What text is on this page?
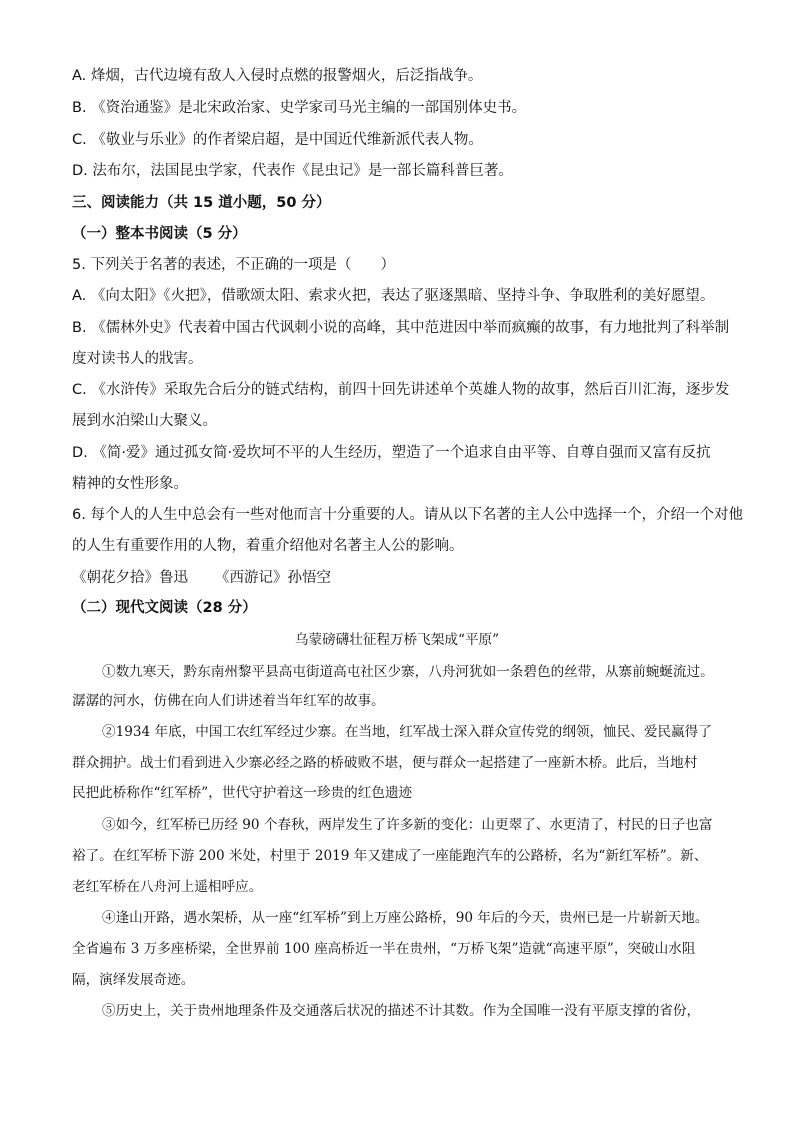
A. 烽烟，古代边境有敌人入侵时点燃的报警烟火，后泛指战争。
B. 《资治通鉴》是北宋政治家、史学家司马光主编的一部国别体史书。
C. 《敬业与乐业》的作者梁启超，是中国近代维新派代表人物。
D. 法布尔，法国昆虫学家，代表作《昆虫记》是一部长篇科普巨著。
三、阅读能力（共 15 道小题，50 分）
（一）整本书阅读（5 分）
5. 下列关于名著的表述，不正确的一项是（　　）
A. 《向太阳》《火把》，借歌颂太阳、索求火把，表达了驱逐黑暗、坚持斗争、争取胜利的美好愿望。
B. 《儒林外史》代表着中国古代讽刺小说的高峰，其中范进因中举而疯癫的故事，有力地批判了科举制
度对读书人的戕害。
C. 《水浒传》采取先合后分的链式结构，前四十回先讲述单个英雄人物的故事，然后百川汇海，逐步发
展到水泊梁山大聚义。
D. 《简·爱》通过孤女简·爱坎坷不平的人生经历，塑造了一个追求自由平等、自尊自强而又富有反抗
精神的女性形象。
6. 每个人的人生中总会有一些对他而言十分重要的人。请从以下名著的主人公中选择一个，介绍一个对他
的人生有重要作用的人物，着重介绍他对名著主人公的影响。
《朝花夕拾》鲁迅 《西游记》孙悟空
（二）现代文阅读（28 分）
乌蒙磅礴壮征程万桥飞架成“平原”
①数九寒天，黔东南州黎平县高屯街道高屯社区少寨，八舟河犹如一条碧色的丝带，从寨前蜿蜒流过。
潺潺的河水，仿佛在向人们讲述着当年红军的故事。
②1934 年底，中国工农红军经过少寨。在当地，红军战士深入群众宣传党的纲领，恤民、爱民赢得了
群众拥护。战士们看到进入少寨必经之路的桥破败不堪，便与群众一起搭建了一座新木桥。此后，当地村
民把此桥称作“红军桥”，世代守护着这一珍贵的红色遗迹
③如今，红军桥已历经 90 个春秋，两岸发生了许多新的变化：山更翠了、水更清了，村民的日子也富
裕了。在红军桥下游 200 米处，村里于 2019 年又建成了一座能跑汽车的公路桥，名为“新红军桥”。新、
老红军桥在八舟河上遥相呼应。
④逢山开路，遇水架桥，从一座“红军桥”到上万座公路桥，90 年后的今天，贵州已是一片崭新天地。
全省遍布 3 万多座桥梁，全世界前 100 座高桥近一半在贵州，“万桥飞架”造就“高速平原”，突破山水阻
隔，演绎发展奇迹。
⑤历史上，关于贵州地理条件及交通落后状况的描述不计其数。作为全国唯一没有平原支撑的省份，
